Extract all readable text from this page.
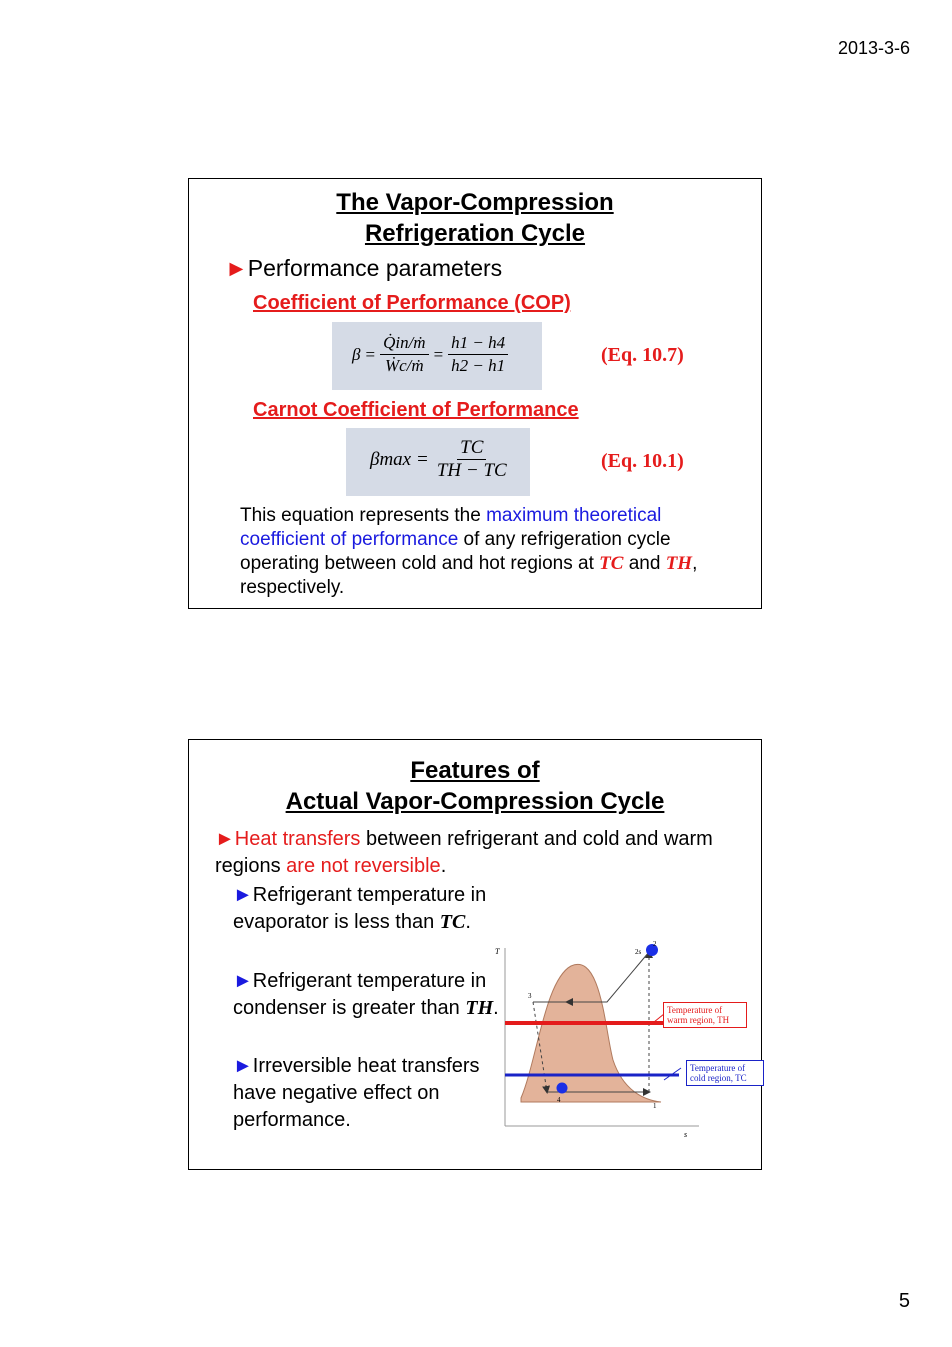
2013-3-6
The Vapor-Compression
Refrigeration Cycle
►Performance parameters
Coefficient of Performance (COP)
$\beta = \frac{\text{Q̇in/ṁ}}{\text{Ẇc/ṁ}} = \frac{h1 - h4}{h2 - h1}$	(Eq. 10.7)
Carnot Coefficient of Performance
$\beta\max = \frac{TC}{TH - TC}$	(Eq. 10.1)
This equation represents the maximum theoretical coefficient of performance of any refrigeration cycle operating between cold and hot regions at TC and TH, respectively.
Features of
Actual Vapor-Compression Cycle
►Heat transfers between refrigerant and cold and warm regions are not reversible.
►Refrigerant temperature in evaporator is less than TC.
►Refrigerant temperature in condenser is greater than TH.
►Irreversible heat transfers have negative effect on performance.
T
s
1
2s
2
3
4
Temperature of warm region, TH
Temperature of cold region, TC
5
